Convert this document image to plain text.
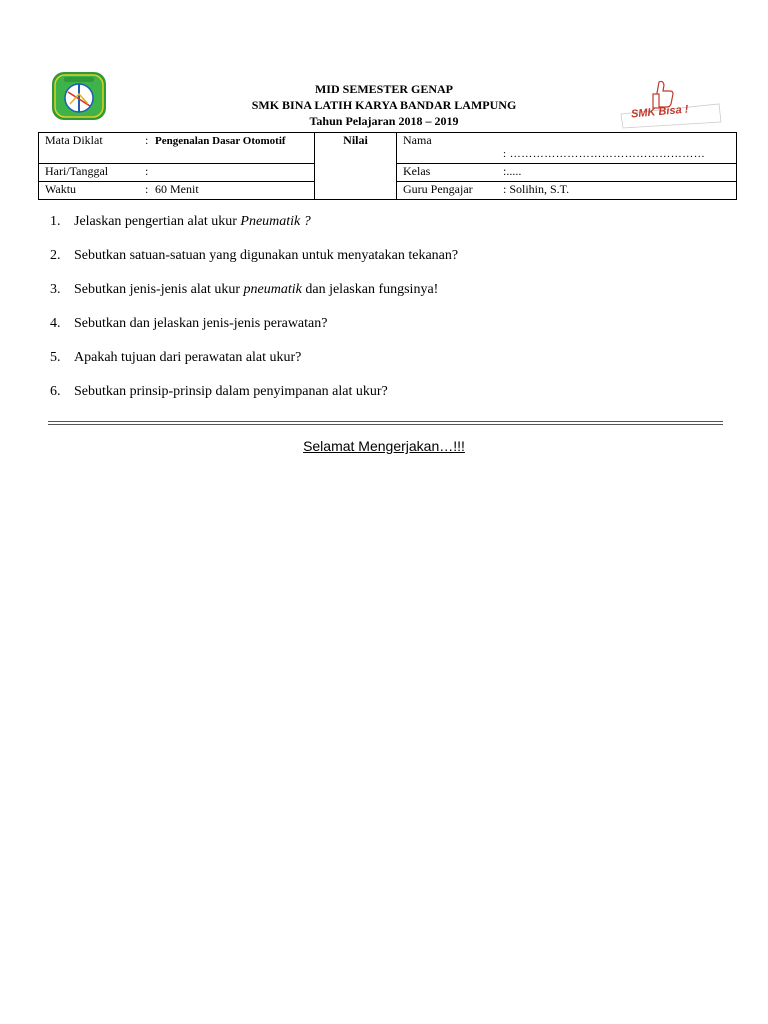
SMK Bisa !
MID SEMESTER GENAP
SMK BINA LATIH KARYA BANDAR LAMPUNG
Tahun Pelajaran 2018 – 2019
Mata Diklat : Pengenalan Dasar Otomotif	Nilai	Nama
: ……………………………………………

Hari/Tanggal :		Kelas :.....
Waktu : 60 Menit		Guru Pengajar : Solihin, S.T.
1. Jelaskan pengertian alat ukur Pneumatik ?
2. Sebutkan satuan-satuan yang digunakan untuk menyatakan tekanan?
3. Sebutkan jenis-jenis alat ukur pneumatik dan jelaskan fungsinya!
4. Sebutkan dan jelaskan jenis-jenis perawatan?
5. Apakah tujuan dari perawatan alat ukur?
6. Sebutkan prinsip-prinsip dalam penyimpanan alat ukur?
Selamat Mengerjakan…!!!
